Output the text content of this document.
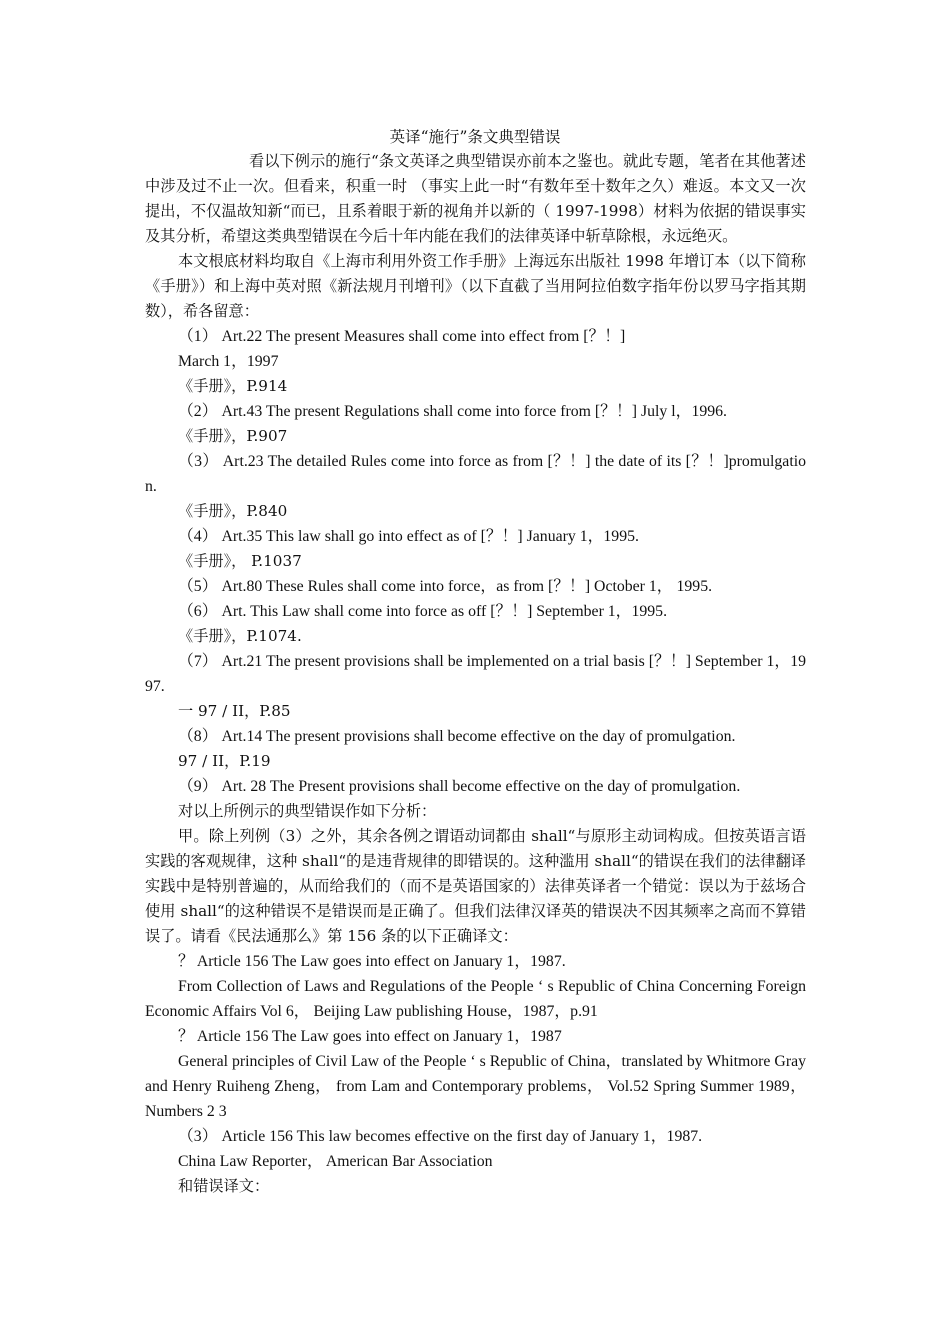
英译“施行”条文典型错误

看以下例示的施行“条文英译之典型错误亦前本之鉴也。就此专题，笔者在其他著述中涉及过不止一次。但看来，积重一时 （事实上此一时“有数年至十数年之久）难返。本文又一次提出，不仅温故知新“而已，且系着眼于新的视角并以新的（ 1997-1998）材料为依据的错误事实及其分析，希望这类典型错误在今后十年内能在我们的法律英译中斩草除根，永远绝灭。

本文根底材料均取自《上海市利用外资工作手册》上海远东出版社 1998 年增订本（以下简称《手册》）和上海中英对照《新法规月刊增刊》（以下直截了当用阿拉伯数字指年份以罗马字指其期数），希各留意：

（1） Art.22 The present Measures shall come into effect from [？！]

March 1，1997

《手册》，P.914

（2） Art.43 The present Regulations shall come into force from [？！] July l，1996.

《手册》，P.907

（3） Art.23 The detailed Rules come into force as from [？！] the date of its [？！]promulgation.

《手册》，P.840

（4） Art.35 This law shall go into effect as of [？！] January 1，1995.

《手册》， P.1037

（5） Art.80 These Rules shall come into force，as from [？！] October 1， 1995.

（6） Art. This Law shall come into force as off [？！] September 1，1995.

《手册》，P.1074.

（7） Art.21 The present provisions shall be implemented on a trial basis [？！] September 1，1997.

一 97 / II，P.85

（8） Art.14 The present provisions shall become effective on the day of promulgation.

97 / II，P.19

（9） Art. 28 The Present provisions shall become effective on the day of promulgation.

对以上所例示的典型错误作如下分析：

甲。除上列例（3）之外，其余各例之谓语动词都由 shall“与原形主动词构成。但按英语言语实践的客观规律，这种 shall“的是违背规律的即错误的。这种滥用 shall“的错误在我们的法律翻译实践中是特别普遍的，从而给我们的（而不是英语国家的）法律英译者一个错觉：误以为于兹场合使用 shall“的这种错误不是错误而是正确了。但我们法律汉译英的错误决不因其频率之高而不算错误了。请看《民法通那么》第 156 条的以下正确译文：

？ Article 156 The Law goes into effect on January 1，1987.

From Collection of Laws and Regulations of the People ‘ s Republic of China Concerning Foreign Economic Affairs Vol 6， Beijing Law publishing House，1987，p.91

？ Article 156 The Law goes into effect on January 1，1987

General principles of Civil Law of the People ‘ s Republic of China，translated by Whitmore Gray and Henry Ruiheng Zheng， from Lam and Contemporary problems， Vol.52 Spring Summer 1989，Numbers 2 3

（3） Article 156 This law becomes effective on the first day of January 1，1987.

China Law Reporter， American Bar Association

和错误译文：
